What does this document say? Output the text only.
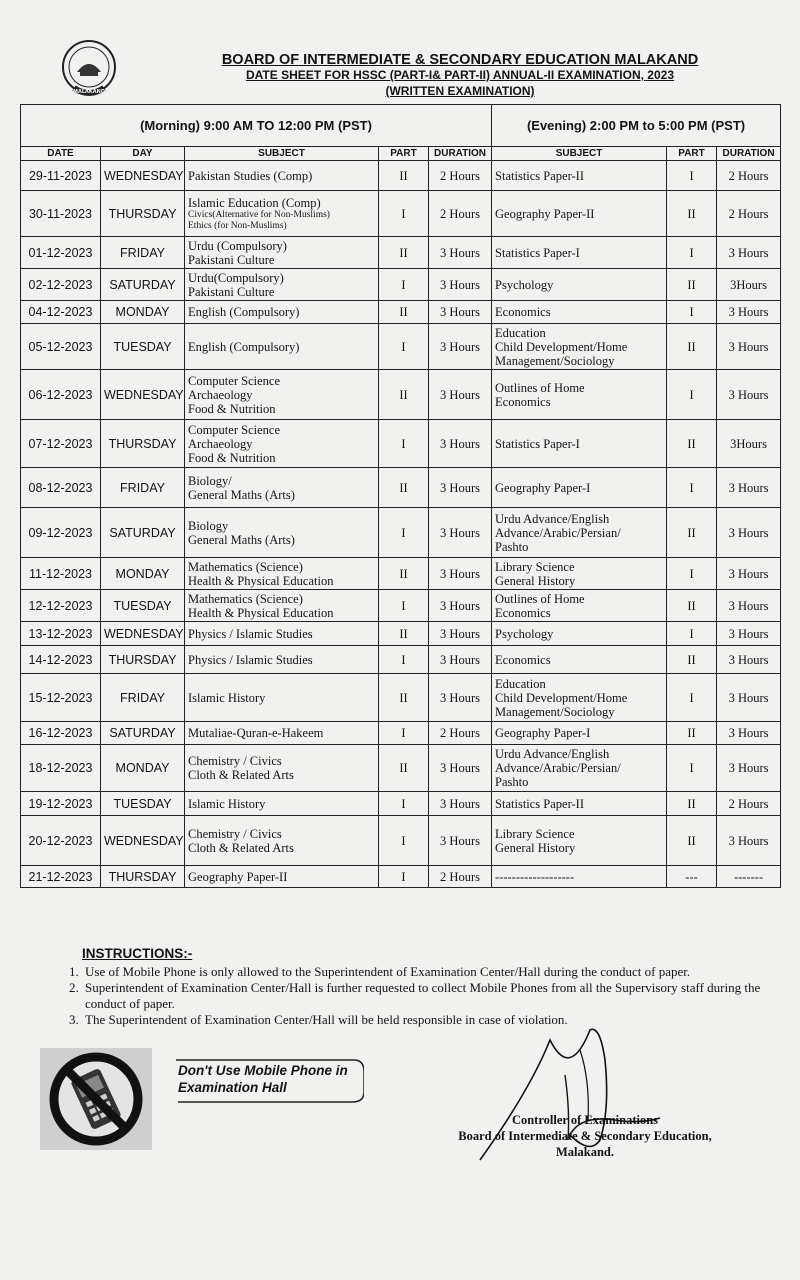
MALAKAND
BOARD OF INTERMEDIATE & SECONDARY EDUCATION MALAKAND
DATE SHEET FOR HSSC (PART-I& PART-II) ANNUAL-II EXAMINATION, 2023
(WRITTEN EXAMINATION)
(Morning) 9:00 AM TO 12:00 PM (PST)					(Evening) 2:00 PM to 5:00 PM (PST)		
DATE	DAY	SUBJECT	PART	DURATION	SUBJECT	PART	DURATION
29-11-2023	WEDNESDAY	Pakistan Studies (Comp)	II	2 Hours	Statistics Paper-II	I	2 Hours
30-11-2023	THURSDAY	Islamic Education (Comp)
Civics(Alternative for Non-Muslims)
Ethics (for Non-Muslims)	I	2 Hours	Geography Paper-II	II	2 Hours
01-12-2023	FRIDAY	Urdu (Compulsory)
Pakistani Culture	II	3 Hours	Statistics Paper-I	I	3 Hours
02-12-2023	SATURDAY	Urdu(Compulsory)
Pakistani Culture	I	3 Hours	Psychology	II	3Hours
04-12-2023	MONDAY	English (Compulsory)	II	3 Hours	Economics	I	3 Hours
05-12-2023	TUESDAY	English (Compulsory)	I	3 Hours	Education
Child Development/Home
Management/Sociology	II	3 Hours
06-12-2023	WEDNESDAY	Computer Science
Archaeology
Food & Nutrition	II	3 Hours	Outlines of Home
Economics	I	3 Hours
07-12-2023	THURSDAY	Computer Science
Archaeology
Food & Nutrition	I	3 Hours	Statistics Paper-I	II	3Hours
08-12-2023	FRIDAY	Biology/
General Maths (Arts)	II	3 Hours	Geography Paper-I	I	3 Hours
09-12-2023	SATURDAY	Biology
General Maths (Arts)	I	3 Hours	Urdu Advance/English
Advance/Arabic/Persian/
Pashto	II	3 Hours
11-12-2023	MONDAY	Mathematics (Science)
Health & Physical Education	II	3 Hours	Library Science
General History	I	3 Hours
12-12-2023	TUESDAY	Mathematics (Science)
Health & Physical Education	I	3 Hours	Outlines of Home
Economics	II	3 Hours
13-12-2023	WEDNESDAY	Physics / Islamic Studies	II	3 Hours	Psychology	I	3 Hours
14-12-2023	THURSDAY	Physics / Islamic Studies	I	3 Hours	Economics	II	3 Hours
15-12-2023	FRIDAY	Islamic History	II	3 Hours	Education
Child Development/Home
Management/Sociology	I	3 Hours
16-12-2023	SATURDAY	Mutaliae-Quran-e-Hakeem	I	2 Hours	Geography Paper-I	II	3 Hours
18-12-2023	MONDAY	Chemistry / Civics
Cloth & Related Arts	II	3 Hours	Urdu Advance/English
Advance/Arabic/Persian/
Pashto	I	3 Hours
19-12-2023	TUESDAY	Islamic History	I	3 Hours	Statistics Paper-II	II	2 Hours
20-12-2023	WEDNESDAY	Chemistry / Civics
Cloth & Related Arts	I	3 Hours	Library Science
General History	II	3 Hours
21-12-2023	THURSDAY	Geography Paper-II	I	2 Hours	-------------------	---	-------
INSTRUCTIONS:-
1. Use of Mobile Phone is only allowed to the Superintendent of Examination Center/Hall during the conduct of paper.
2. Superintendent of Examination Center/Hall is further requested to collect Mobile Phones from all the Supervisory staff during the conduct of paper.
3. The Superintendent of Examination Center/Hall will be held responsible in case of violation.
Don't Use Mobile Phone in
Examination Hall
Controller of Examinations
Board of Intermediate & Secondary Education,
Malakand.
